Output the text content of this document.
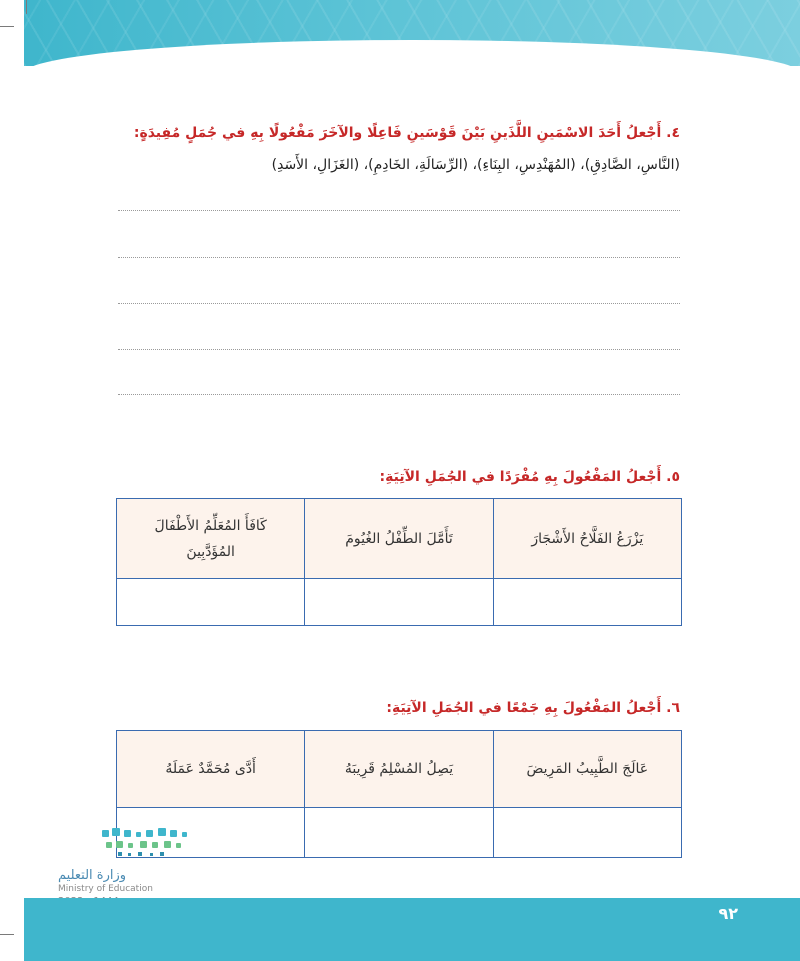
٤. أَجْعلُ أَحَدَ الاسْمَينِ اللَّذَينِ بَيْنَ قَوْسَينِ فَاعِلًا والآخَرَ مَفْعُولًا بِهِ في جُمَلٍ مُفِيدَةٍ:
(النَّاسِ، الصَّادِقِ)، (المُهَنْدِسِ، البِنَاءِ)، (الرِّسَالَةِ، الخَادِمِ)، (الغَزَالِ، الأَسَدِ)
٥. أَجْعلُ المَفْعُولَ بِهِ مُفْرَدًا في الجُمَلِ الآتِيَةِ:
يَزْرَعُ الفَلَّاحُ الأَشْجَارَ	تَأَمَّلَ الطِّفْلُ الغُيُومَ	كَافَأَ المُعَلِّمُ الأَطْفَالَ المُؤَدَّبِينَ

٦. أَجْعلُ المَفْعُولَ بِهِ جَمْعًا في الجُمَلِ الآتِيَةِ:
عَالَجَ الطَّبِيبُ المَرِيضَ	يَصِلُ المُسْلِمُ قَرِيبَهُ	أَدَّى مُحَمَّدٌ عَمَلَهُ

وزارة التعليم
Ministry of Education
٩٢
